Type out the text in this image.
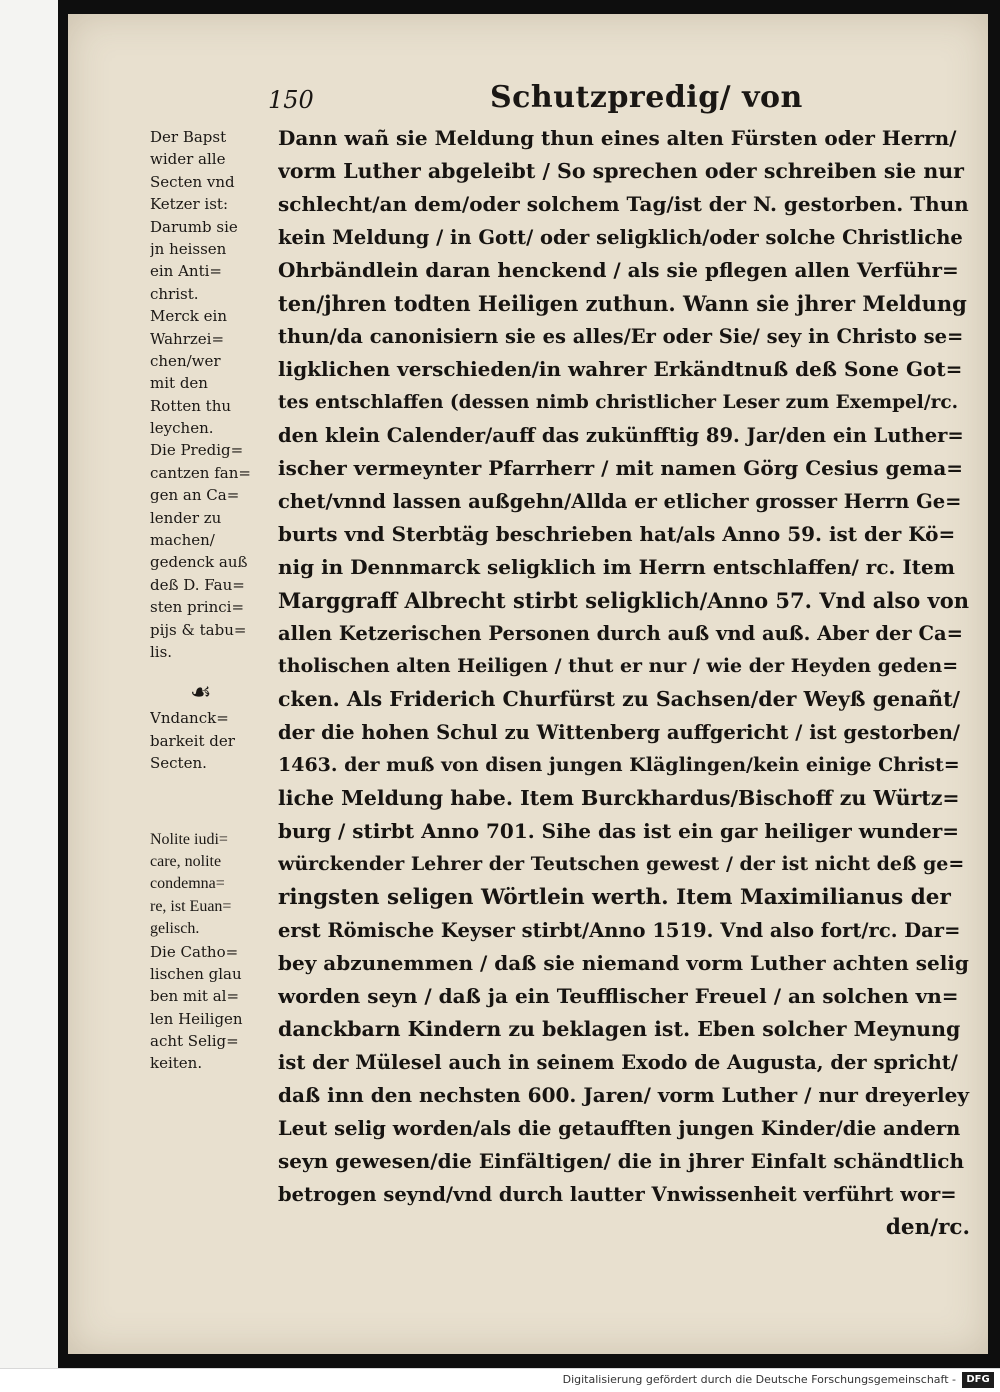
150	Schutzpredig/ von
Der Bapst
wider alle
Secten vnd
Ketzer ist:
Darumb sie
jn heissen
ein Anti=
christ.
Merck ein
Wahrzei=
chen/wer
mit den
Rotten thu
leychen.
Die Predig=
cantzen fan=
gen an Ca=
lender zu
machen/
gedenck auß
deß D. Fau=
sten princi=
pijs & tabu=
lis.
☙
Vndanck=
barkeit der
Secten.
Nolite iudi=
care, nolite
condemna=
re, ist Euan=
gelisch.
Die Catho=
lischen glau
ben mit al=
len Heiligen
acht Selig=
keiten.
Dann wañ sie Meldung thun eines alten Fürsten oder Herrn/
vorm Luther abgeleibt / So sprechen oder schreiben sie nur
schlecht/an dem/oder solchem Tag/ist der N. gestorben. Thun
kein Meldung / in Gott/ oder seligklich/oder solche Christliche
Ohrbändlein daran henckend / als sie pflegen allen Verführ=
ten/jhren todten Heiligen zuthun. Wann sie jhrer Meldung
thun/da canonisiern sie es alles/Er oder Sie/ sey in Christo se=
ligklichen verschieden/in wahrer Erkändtnuß deß Sone Got=
tes entschlaffen (dessen nimb christlicher Leser zum Exempel/rc.
den klein Calender/auff das zukünfftig 89. Jar/den ein Luther=
ischer vermeynter Pfarrherr / mit namen Görg Cesius gema=
chet/vnnd lassen außgehn/Allda er etlicher grosser Herrn Ge=
burts vnd Sterbtäg beschrieben hat/als Anno 59. ist der Kö=
nig in Dennmarck seligklich im Herrn entschlaffen/ rc. Item
Marggraff Albrecht stirbt seligklich/Anno 57. Vnd also von
allen Ketzerischen Personen durch auß vnd auß. Aber der Ca=
tholischen alten Heiligen / thut er nur / wie der Heyden geden=
cken. Als Friderich Churfürst zu Sachsen/der Weyß genañt/
der die hohen Schul zu Wittenberg auffgericht / ist gestorben/
1463. der muß von disen jungen Kläglingen/kein einige Christ=
liche Meldung habe. Item Burckhardus/Bischoff zu Würtz=
burg / stirbt Anno 701. Sihe das ist ein gar heiliger wunder=
würckender Lehrer der Teutschen gewest / der ist nicht deß ge=
ringsten seligen Wörtlein werth. Item Maximilianus der
erst Römische Keyser stirbt/Anno 1519. Vnd also fort/rc. Dar=
bey abzunemmen / daß sie niemand vorm Luther achten selig
worden seyn / daß ja ein Teufflischer Freuel / an solchen vn=
danckbarn Kindern zu beklagen ist. Eben solcher Meynung
ist der Mülesel auch in seinem Exodo de Augusta, der spricht/
daß inn den nechsten 600. Jaren/ vorm Luther / nur dreyerley
Leut selig worden/als die getaufften jungen Kinder/die andern
seyn gewesen/die Einfältigen/ die in jhrer Einfalt schändtlich
betrogen seynd/vnd durch lautter Vnwissenheit verführt wor=
den/rc.
Digitalisierung gefördert durch die Deutsche Forschungsgemeinschaft -	DFG
